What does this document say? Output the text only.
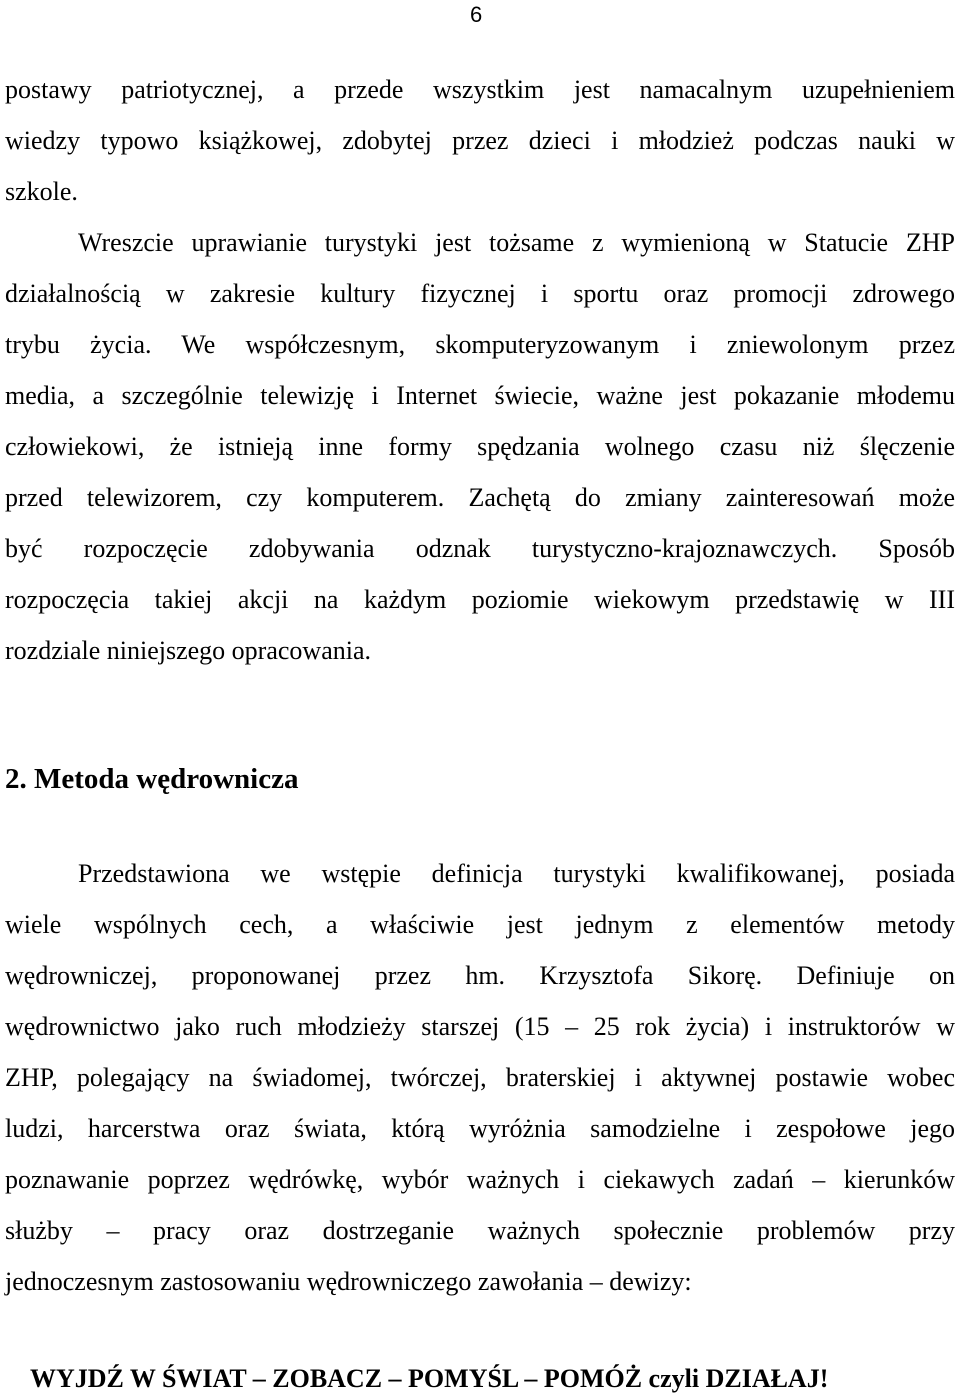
6
postawy patriotycznej, a przede wszystkim jest namacalnym uzupełnieniem
wiedzy typowo książkowej, zdobytej przez dzieci i młodzież podczas nauki w
szkole.
Wreszcie uprawianie turystyki jest tożsame z wymienioną w Statucie ZHP
działalnością w zakresie kultury fizycznej i sportu oraz promocji zdrowego
trybu życia. We współczesnym, skomputeryzowanym i zniewolonym przez
media, a szczególnie telewizję i Internet świecie, ważne jest pokazanie młodemu
człowiekowi, że istnieją inne formy spędzania wolnego czasu niż ślęczenie
przed telewizorem, czy komputerem. Zachętą do zmiany zainteresowań może
być rozpoczęcie zdobywania odznak turystyczno-krajoznawczych. Sposób
rozpoczęcia takiej akcji na każdym poziomie wiekowym przedstawię w III
rozdziale niniejszego opracowania.
2. Metoda wędrownicza
Przedstawiona we wstępie definicja turystyki kwalifikowanej, posiada
wiele wspólnych cech, a właściwie jest jednym z elementów metody
wędrowniczej, proponowanej przez hm. Krzysztofa Sikorę. Definiuje on
wędrownictwo jako ruch młodzieży starszej (15 – 25 rok życia) i instruktorów w
ZHP, polegający na świadomej, twórczej, braterskiej i aktywnej postawie wobec
ludzi, harcerstwa oraz świata, którą wyróżnia samodzielne i zespołowe jego
poznawanie poprzez wędrówkę, wybór ważnych i ciekawych zadań – kierunków
służby – pracy oraz dostrzeganie ważnych społecznie problemów przy
jednoczesnym zastosowaniu wędrowniczego zawołania – dewizy:
WYJDŹ W ŚWIAT – ZOBACZ – POMYŚL – POMÓŻ czyli DZIAŁAJ!
